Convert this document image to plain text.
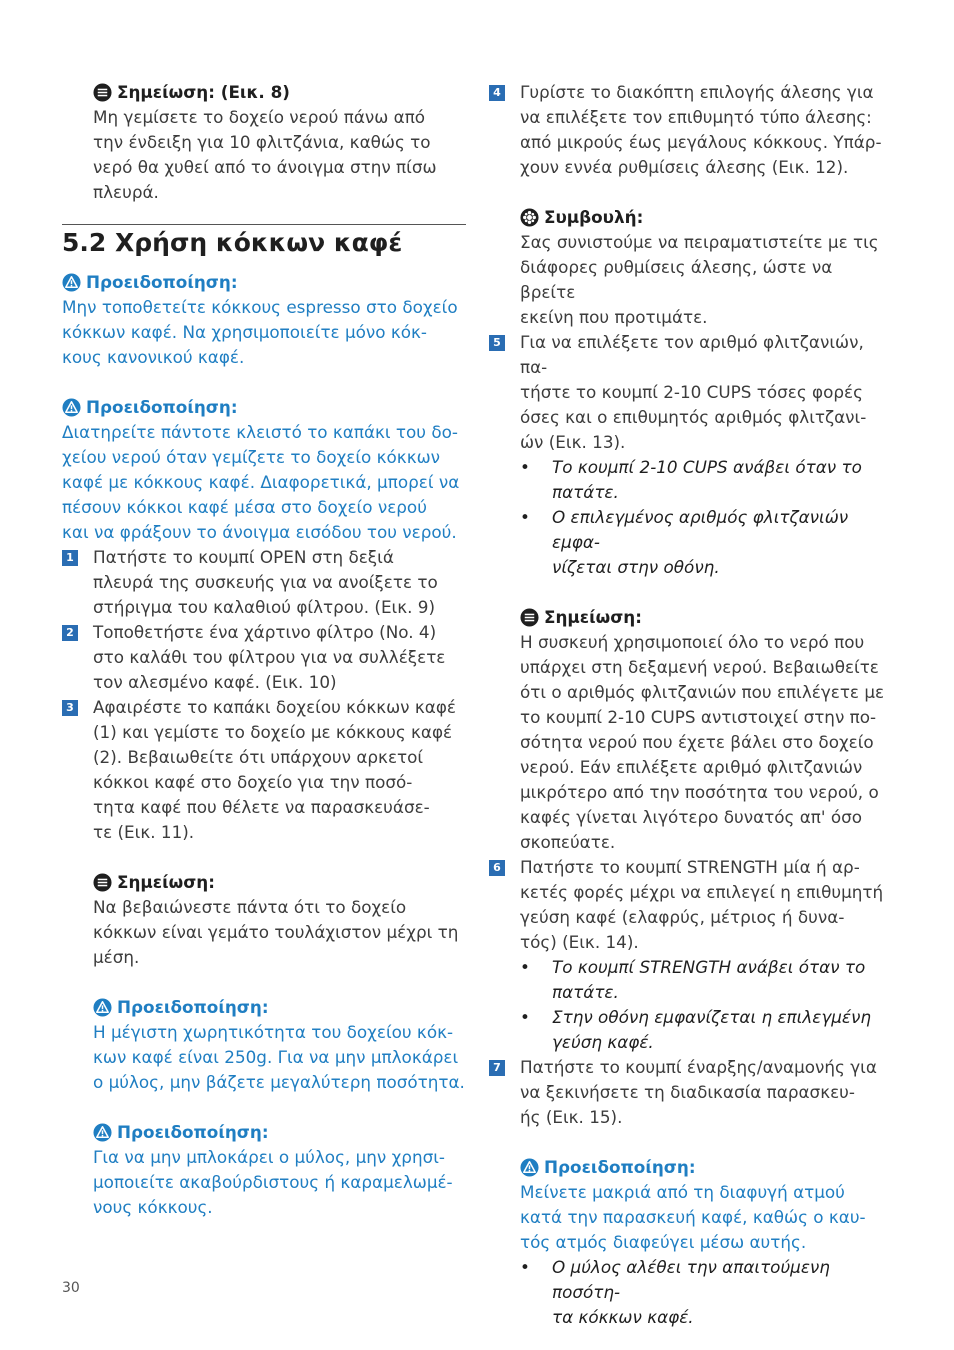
Σημείωση: (Εικ. 8)
Μη γεμίσετε το δοχείο νερού πάνω από
την ένδειξη για 10 φλιτζάνια, καθώς το
νερό θα χυθεί από το άνοιγμα στην πίσω
πλευρά.
5.2 Χρήση κόκκων καφέ
Προειδοποίηση:
Μην τοποθετείτε κόκκους espresso στο δοχείο
κόκκων καφέ. Να χρησιμοποιείτε μόνο κόκ-
κους κανονικού καφέ.
Προειδοποίηση:
Διατηρείτε πάντοτε κλειστό το καπάκι του δο-
χείου νερού όταν γεμίζετε το δοχείο κόκκων
καφέ με κόκκους καφέ. Διαφορετικά, μπορεί να
πέσουν κόκκοι καφέ μέσα στο δοχείο νερού
και να φράξουν το άνοιγμα εισόδου του νερού.
1 Πατήστε το κουμπί OPEN στη δεξιά
πλευρά της συσκευής για να ανοίξετε το
στήριγμα του καλαθιού φίλτρου. (Εικ. 9)
2 Τοποθετήστε ένα χάρτινο φίλτρο (No. 4)
στο καλάθι του φίλτρου για να συλλέξετε
τον αλεσμένο καφέ. (Εικ. 10)
3 Αφαιρέστε το καπάκι δοχείου κόκκων καφέ
(1) και γεμίστε το δοχείο με κόκκους καφέ
(2). Βεβαιωθείτε ότι υπάρχουν αρκετοί
κόκκοι καφέ στο δοχείο για την ποσό-
τητα καφέ που θέλετε να παρασκευάσε-
τε (Εικ. 11).
Σημείωση:
Να βεβαιώνεστε πάντα ότι το δοχείο
κόκκων είναι γεμάτο τουλάχιστον μέχρι τη
μέση.
Προειδοποίηση:
Η μέγιστη χωρητικότητα του δοχείου κόκ-
κων καφέ είναι 250g. Για να μην μπλοκάρει
ο μύλος, μην βάζετε μεγαλύτερη ποσότητα.
Προειδοποίηση:
Για να μην μπλοκάρει ο μύλος, μην χρησι-
μοποιείτε ακαβούρδιστους ή καραμελωμέ-
νους κόκκους.
4 Γυρίστε το διακόπτη επιλογής άλεσης για
να επιλέξετε τον επιθυμητό τύπο άλεσης:
από μικρούς έως μεγάλους κόκκους. Υπάρ-
χουν εννέα ρυθμίσεις άλεσης (Εικ. 12).
Συμβουλή:
Σας συνιστούμε να πειραματιστείτε με τις
διάφορες ρυθμίσεις άλεσης, ώστε να βρείτε
εκείνη που προτιμάτε.
5 Για να επιλέξετε τον αριθμό φλιτζανιών, πα-
τήστε το κουμπί 2-10 CUPS τόσες φορές
όσες και ο επιθυμητός αριθμός φλιτζανι-
ών (Εικ. 13).
•	Το κουμπί 2-10 CUPS ανάβει όταν το
πατάτε.
•	Ο επιλεγμένος αριθμός φλιτζανιών εμφα-
νίζεται στην οθόνη.
Σημείωση:
Η συσκευή χρησιμοποιεί όλο το νερό που
υπάρχει στη δεξαμενή νερού. Βεβαιωθείτε
ότι ο αριθμός φλιτζανιών που επιλέγετε με
το κουμπί 2-10 CUPS αντιστοιχεί στην πο-
σότητα νερού που έχετε βάλει στο δοχείο
νερού. Εάν επιλέξετε αριθμό φλιτζανιών
μικρότερο από την ποσότητα του νερού, ο
καφές γίνεται λιγότερο δυνατός απ' όσο
σκοπεύατε.
6 Πατήστε το κουμπί STRENGTH μία ή αρ-
κετές φορές μέχρι να επιλεγεί η επιθυμητή
γεύση καφέ (ελαφρύς, μέτριος ή δυνα-
τός) (Εικ. 14).
•	Το κουμπί STRENGTH ανάβει όταν το
πατάτε.
•	Στην οθόνη εμφανίζεται η επιλεγμένη
γεύση καφέ.
7 Πατήστε το κουμπί έναρξης/αναμονής για
να ξεκινήσετε τη διαδικασία παρασκευ-
ής (Εικ. 15).
Προειδοποίηση:
Μείνετε μακριά από τη διαφυγή ατμού
κατά την παρασκευή καφέ, καθώς ο καυ-
τός ατμός διαφεύγει μέσω αυτής.
•	Ο μύλος αλέθει την απαιτούμενη ποσότη-
τα κόκκων καφέ.
30
